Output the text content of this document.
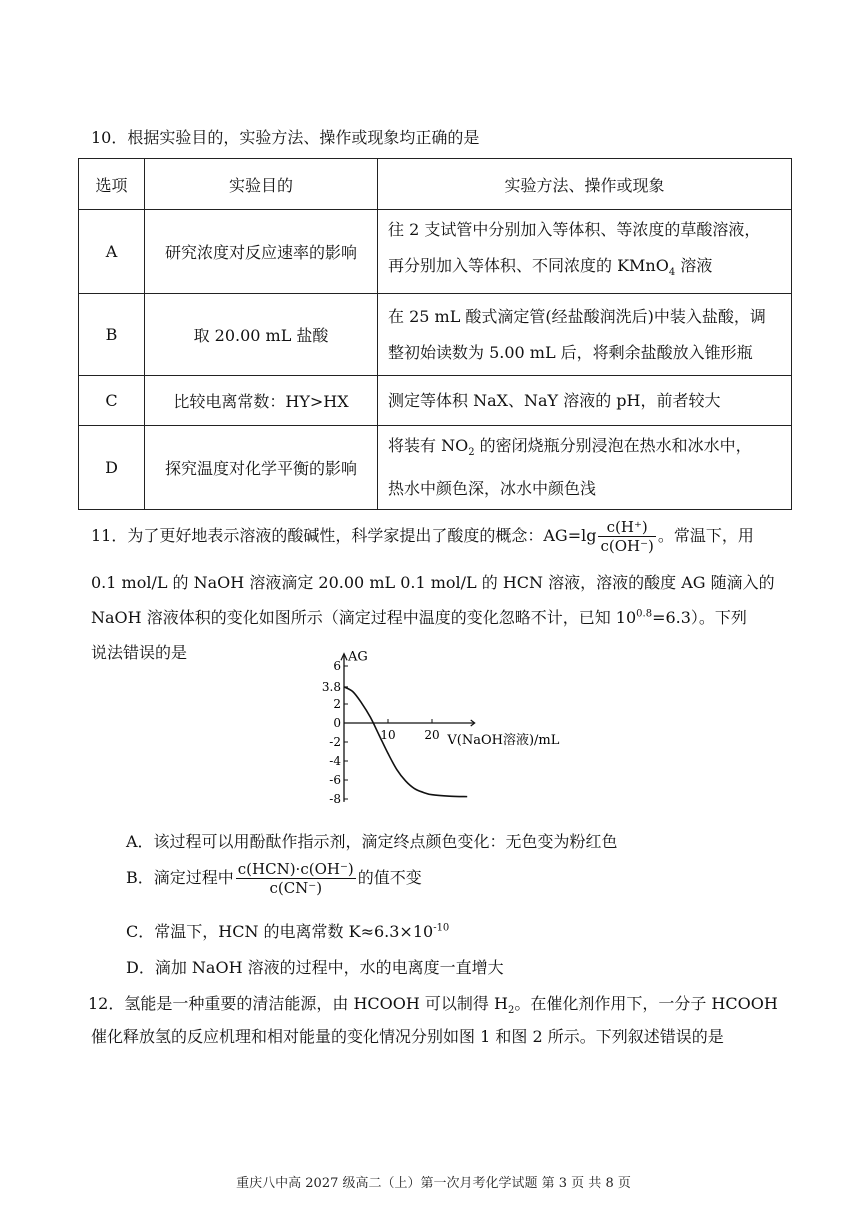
10．根据实验目的，实验方法、操作或现象均正确的是
选项	实验目的	实验方法、操作或现象
A	研究浓度对反应速率的影响	往 2 支试管中分别加入等体积、等浓度的草酸溶液，
再分别加入等体积、不同浓度的 KMnO$_4$ 溶液

B	取 20.00 mL 盐酸	在 25 mL 酸式滴定管(经盐酸润洗后)中装入盐酸，调
整初始读数为 5.00 mL 后，将剩余盐酸放入锥形瓶

C	比较电离常数：HY>HX	测定等体积 NaX、NaY 溶液的 pH，前者较大
D	探究温度对化学平衡的影响	将装有 $NO_2$ 的密闭烧瓶分别浸泡在热水和冰水中，
热水中颜色深，冰水中颜色浅
11．为了更好地表示溶液的酸碱性，科学家提出了酸度的概念：$AG=\lg \frac{c(H^+)}{c(OH^-)}$ 。常温下，用
0.1 mol/L 的 NaOH 溶液滴定 20.00 mL 0.1 mol/L 的 HCN 溶液，溶液的酸度 AG 随滴入的
NaOH 溶液体积的变化如图所示（滴定过程中温度的变化忽略不计，已知 $10^{0.8}=6.3$）。下列
说法错误的是	AG
V(NaOH溶液)/mL
6
3.8
2
0
-2
-4
-6
-8
10 20
A．该过程可以用酚酞作指示剂，滴定终点颜色变化：无色变为粉红色
B．滴定过程中 $\frac{\text{c(HCN)·c(OH⁻)}}{c(CN^-)}$ 的值不变
C．常温下，HCN 的电离常数 $K\approx 6.3\times 10^{-10}$
D．滴加 NaOH 溶液的过程中，水的电离度一直增大
12．氢能是一种重要的清洁能源，由 HCOOH 可以制得 $H_2$。在催化剂作用下，一分子 HCOOH
催化释放氢的反应机理和相对能量的变化情况分别如图 1 和图 2 所示。下列叙述错误的是
重庆八中高 2027 级高二（上）第一次月考化学试题 第 3 页 共 8 页
